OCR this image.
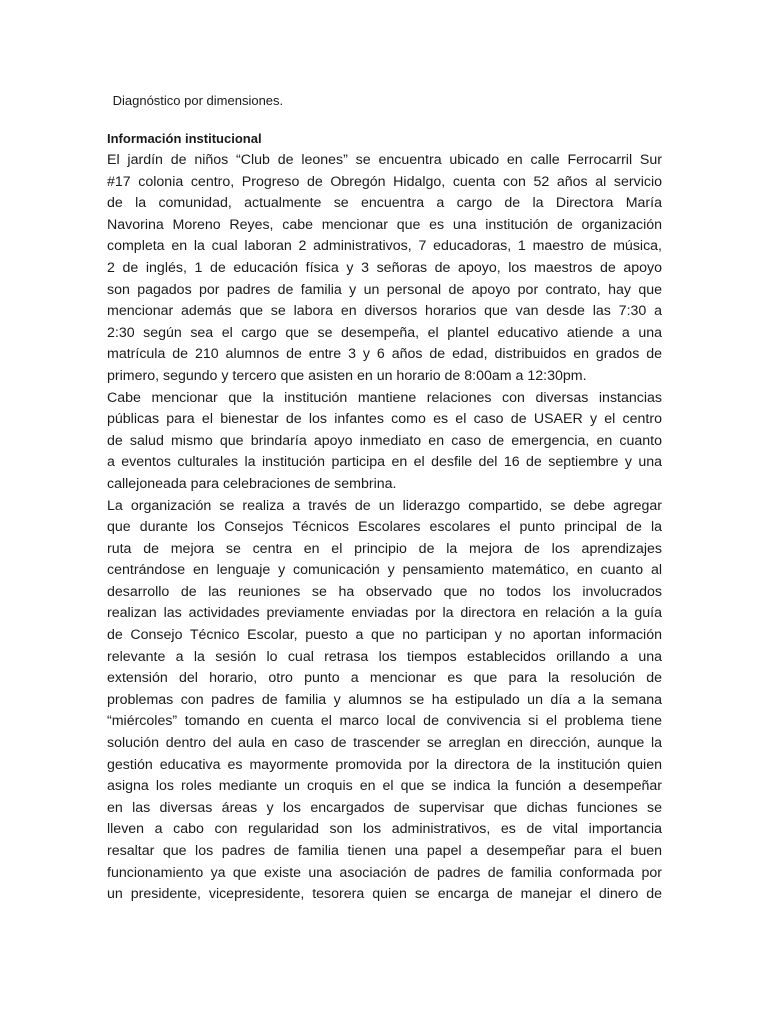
Diagnóstico por dimensiones.
Información institucional
El jardín de niños “Club de leones” se encuentra ubicado en calle Ferrocarril Sur
#17 colonia centro, Progreso de Obregón Hidalgo, cuenta con 52 años al servicio
de la comunidad, actualmente se encuentra a cargo de la Directora María
Navorina Moreno Reyes, cabe mencionar que es una institución de organización
completa en la cual laboran 2 administrativos, 7 educadoras, 1 maestro de música,
2 de inglés, 1 de educación física y 3 señoras de apoyo, los maestros de apoyo
son pagados por padres de familia y un personal de apoyo por contrato, hay que
mencionar además que se labora en diversos horarios que van desde las 7:30 a
2:30 según sea el cargo que se desempeña, el plantel educativo atiende a una
matrícula de 210 alumnos de entre 3 y 6 años de edad, distribuidos en grados de
primero, segundo y tercero que asisten en un horario de 8:00am a 12:30pm.
Cabe mencionar que la institución mantiene relaciones con diversas instancias
públicas para el bienestar de los infantes como es el caso de USAER y el centro
de salud mismo que brindaría apoyo inmediato en caso de emergencia, en cuanto
a eventos culturales la institución participa en el desfile del 16 de septiembre y una
callejoneada para celebraciones de sembrina.
La organización se realiza a través de un liderazgo compartido, se debe agregar
que durante los Consejos Técnicos Escolares escolares el punto principal de la
ruta de mejora se centra en el principio de la mejora de los aprendizajes
centrándose en lenguaje y comunicación y pensamiento matemático, en cuanto al
desarrollo de las reuniones se ha observado que no todos los involucrados
realizan las actividades previamente enviadas por la directora en relación a la guía
de Consejo Técnico Escolar, puesto a que no participan y no aportan información
relevante a la sesión lo cual retrasa los tiempos establecidos orillando a una
extensión del horario, otro punto a mencionar es que para la resolución de
problemas con padres de familia y alumnos se ha estipulado un día a la semana
“miércoles” tomando en cuenta el marco local de convivencia si el problema tiene
solución dentro del aula en caso de trascender se arreglan en dirección, aunque la
gestión educativa es mayormente promovida por la directora de la institución quien
asigna los roles mediante un croquis en el que se indica la función a desempeñar
en las diversas áreas y los encargados de supervisar que dichas funciones se
lleven a cabo con regularidad son los administrativos, es de vital importancia
resaltar que los padres de familia tienen una papel a desempeñar para el buen
funcionamiento ya que existe una asociación de padres de familia conformada por
un presidente, vicepresidente, tesorera quien se encarga de manejar el dinero de
